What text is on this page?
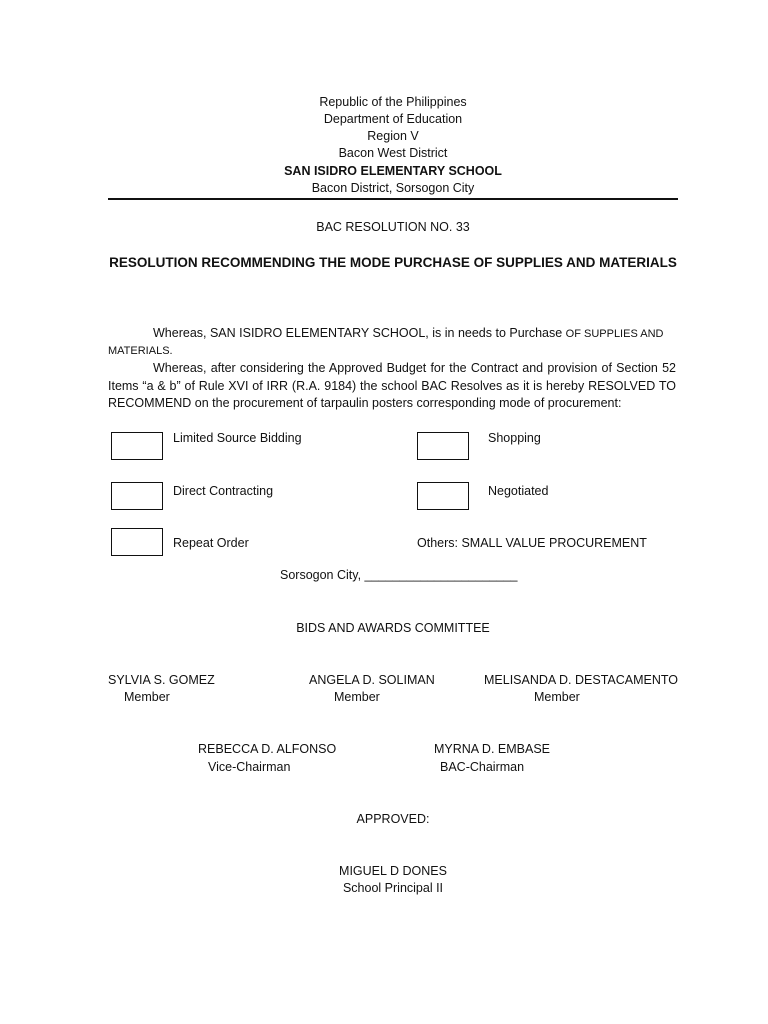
Republic of the Philippines
Department of Education
Region V
Bacon West District
SAN ISIDRO ELEMENTARY SCHOOL
Bacon District, Sorsogon City
BAC RESOLUTION NO. 33
RESOLUTION RECOMMENDING THE MODE PURCHASE OF SUPPLIES AND MATERIALS
Whereas, SAN ISIDRO ELEMENTARY SCHOOL, is in needs to Purchase OF SUPPLIES AND
MATERIALS.
Whereas, after considering the Approved Budget for the Contract and provision of Section 52 Items “a & b” of Rule XVI of IRR (R.A. 9184) the school BAC Resolves as it is hereby RESOLVED TO RECOMMEND on the procurement of tarpaulin posters corresponding mode of procurement:
Limited Source Bidding	Shopping
Direct Contracting	Negotiated
Repeat Order	Others: SMALL VALUE PROCUREMENT
Sorsogon City, ______________________
BIDS AND AWARDS COMMITTEE
SYLVIA S. GOMEZ
Member
ANGELA D. SOLIMAN
Member
MELISANDA D. DESTACAMENTO
Member
REBECCA D. ALFONSO
Vice-Chairman
MYRNA D. EMBASE
BAC-Chairman
APPROVED:
MIGUEL D DONES
School Principal II
